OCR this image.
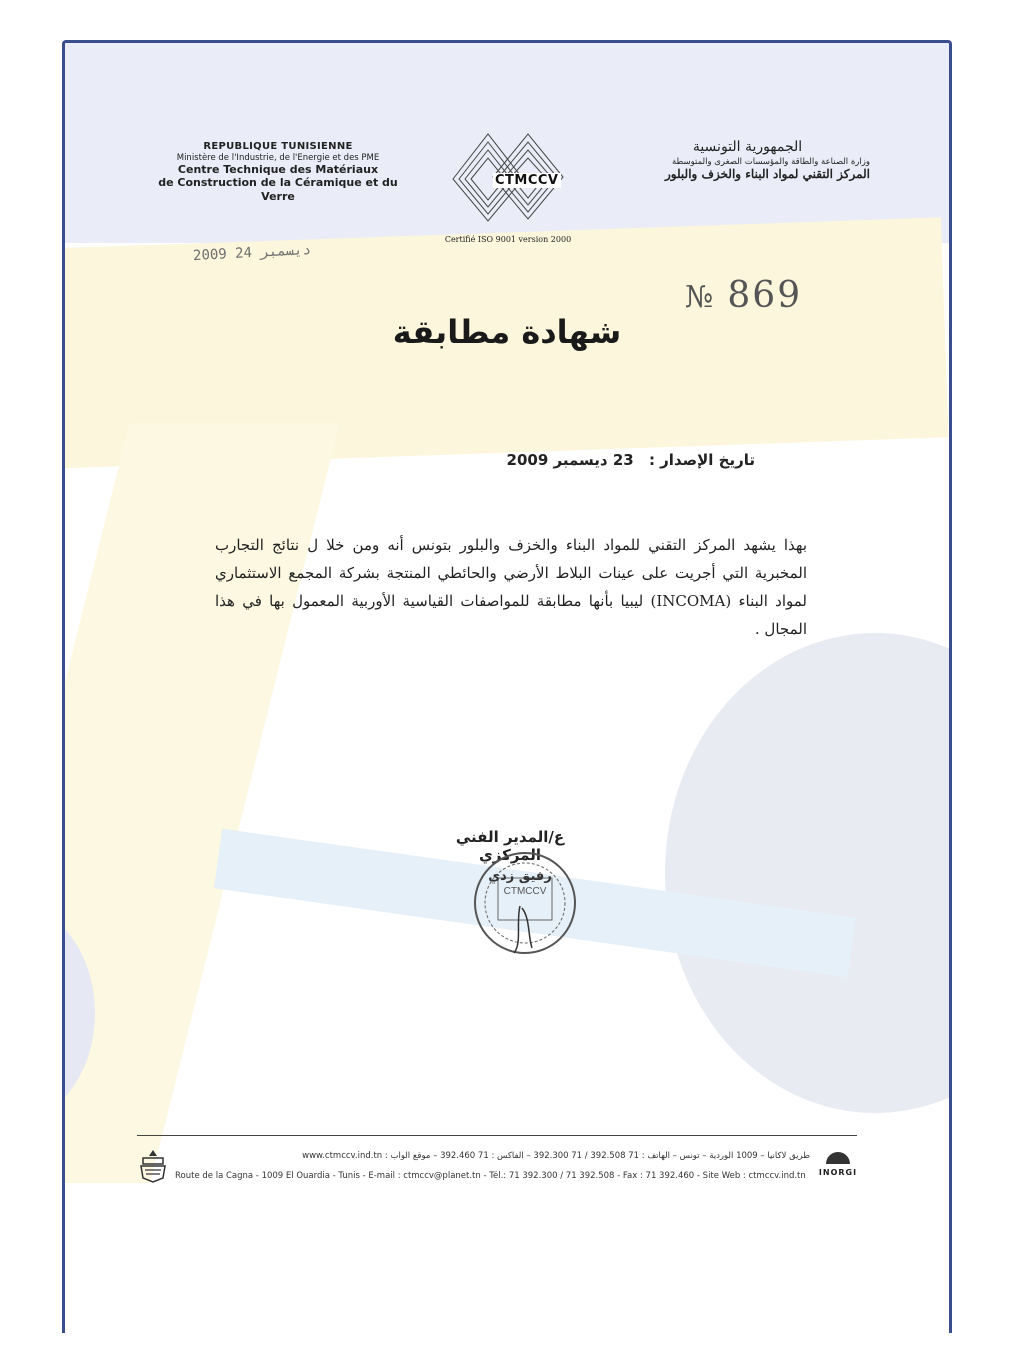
REPUBLIQUE TUNISIENNE
Ministère de l'Industrie, de l'Energie et des PME
Centre Technique des Matériaux
de Construction de la Céramique et du Verre
CTMCCV
Certifié ISO 9001 version 2000
الجمهورية التونسية
وزارة الصناعة والطاقة والمؤسسات الصغرى والمتوسطة
المركز التقني لمواد البناء والخزف والبلور
2009 ديسمبر 24
№ 869
شهادة مطابقة
تاريخ الإصدار : 23 ديسمبر 2009
بهذا يشهد المركز التقني للمواد البناء والخزف والبلور بتونس أنه ومن خلا ل نتائج التجارب المخبرية التي أجريت على عينات البلاط الأرضي والحائطي المنتجة بشركة المجمع الاستثماري لمواد البناء (INCOMA) ليبيا بأنها مطابقة للمواصفات القياسية الأوربية المعمول بها في هذا المجال .
ع/المدير الفني المركزي
CTMCCV
رفيق زدي
طريق لاكانيا – 1009 الوردية – تونس – الهاتف : 71 392.508 / 71 392.300 – الفاكس : 71 392.460 – موقع الواب : www.ctmccv.ind.tn
Route de la Cagna - 1009 El Ouardia - Tunis - E-mail : ctmccv@planet.tn - Tél.: 71 392.300 / 71 392.508 - Fax : 71 392.460 - Site Web : ctmccv.ind.tn	INORGI
